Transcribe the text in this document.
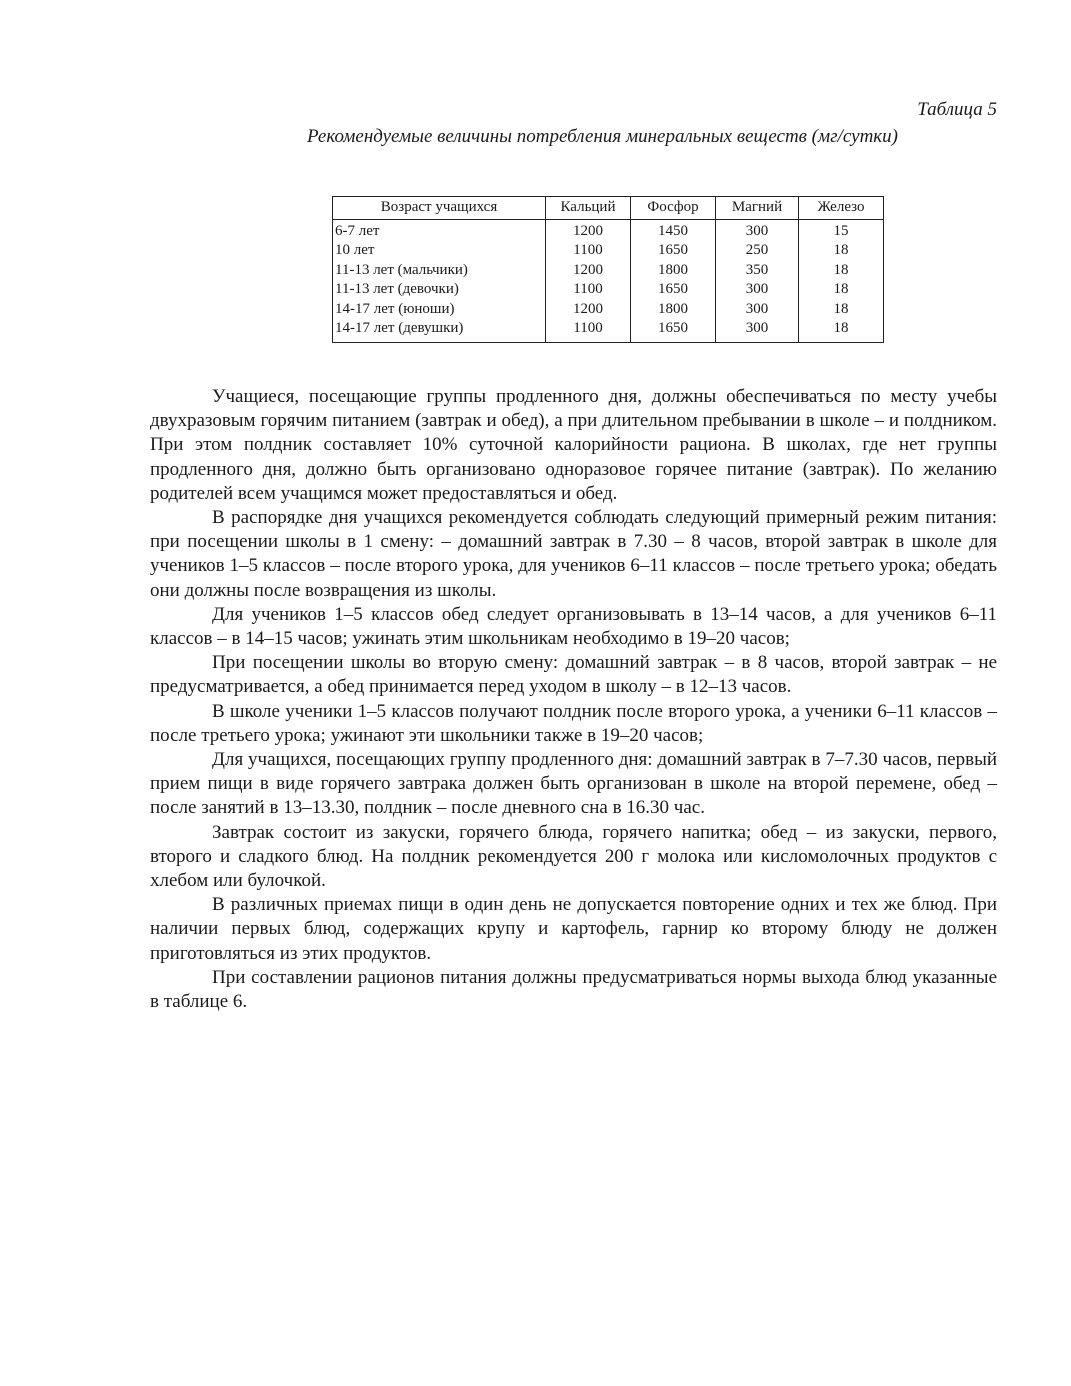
Таблица 5
Рекомендуемые величины потребления минеральных веществ (мг/сутки)
Возраст учащихся	Кальций	Фосфор	Магний	Железо
6-7 лет	1200	1450	300	15
10 лет	1100	1650	250	18
11-13 лет (мальчики)	1200	1800	350	18
11-13 лет (девочки)	1100	1650	300	18
14-17 лет (юноши)	1200	1800	300	18
14-17 лет (девушки)	1100	1650	300	18

Учащиеся, посещающие группы продленного дня, должны обеспечиваться по месту учебы двухразовым горячим питанием (завтрак и обед), а при длительном пребывании в школе – и полдником. При этом полдник составляет 10% суточной калорийности рациона. В школах, где нет группы продленного дня, должно быть организовано одноразовое горячее питание (завтрак). По желанию родителей всем учащимся может предоставляться и обед.

В распорядке дня учащихся рекомендуется соблюдать следующий примерный режим питания: при посещении школы в 1 смену: – домашний завтрак в 7.30 – 8 часов, второй завтрак в школе для учеников 1–5 классов – после второго урока, для учеников 6–11 классов – после третьего урока; обедать они должны после возвращения из школы.

Для учеников 1–5 классов обед следует организовывать в 13–14 часов, а для учеников 6–11 классов – в 14–15 часов; ужинать этим школьникам необходимо в 19–20 часов;

При посещении школы во вторую смену: домашний завтрак – в 8 часов, второй завтрак – не предусматривается, а обед принимается перед уходом в школу – в 12–13 часов.

В школе ученики 1–5 классов получают полдник после второго урока, а ученики 6–11 классов – после третьего урока; ужинают эти школьники также в 19–20 часов;

Для учащихся, посещающих группу продленного дня: домашний завтрак в 7–7.30 часов, первый прием пищи в виде горячего завтрака должен быть организован в школе на второй перемене, обед – после занятий в 13–13.30, полдник – после дневного сна в 16.30 час.

Завтрак состоит из закуски, горячего блюда, горячего напитка; обед – из закуски, первого, второго и сладкого блюд. На полдник рекомендуется 200 г молока или кисломолочных продуктов с хлебом или булочкой.

В различных приемах пищи в один день не допускается повторение одних и тех же блюд. При наличии первых блюд, содержащих крупу и картофель, гарнир ко второму блюду не должен приготовляться из этих продуктов.

При составлении рационов питания должны предусматриваться нормы выхода блюд указанные в таблице 6.
